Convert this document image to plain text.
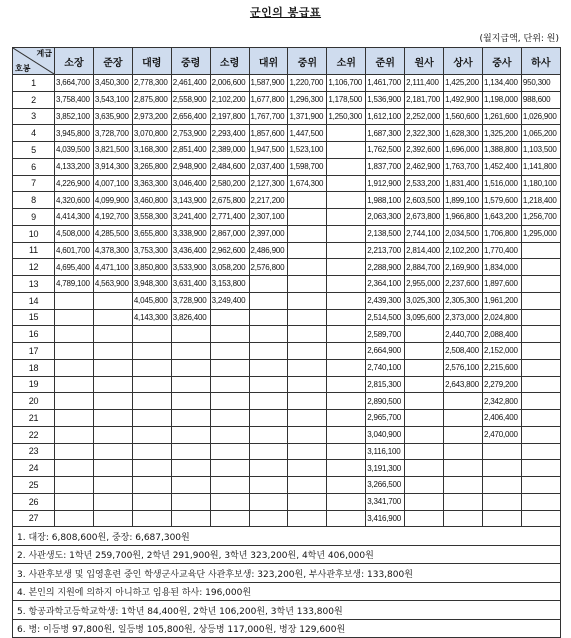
군인의 봉급표
(월지급액, 단위: 원)
계급
호봉	소장	준장	대령	중령	소령	대위	중위	소위	준위	원사	상사	중사	하사
1	3,664,700	3,450,300	2,778,300	2,461,400	2,006,600	1,587,900	1,220,700	1,106,700	1,461,700	2,111,400	1,425,200	1,134,400	950,300
2	3,758,400	3,543,100	2,875,800	2,558,900	2,102,200	1,677,800	1,296,300	1,178,500	1,536,900	2,181,700	1,492,900	1,198,000	988,600
3	3,852,100	3,635,900	2,973,200	2,656,400	2,197,800	1,767,700	1,371,900	1,250,300	1,612,100	2,252,000	1,560,600	1,261,600	1,026,900
4	3,945,800	3,728,700	3,070,800	2,753,900	2,293,400	1,857,600	1,447,500		1,687,300	2,322,300	1,628,300	1,325,200	1,065,200
5	4,039,500	3,821,500	3,168,300	2,851,400	2,389,000	1,947,500	1,523,100		1,762,500	2,392,600	1,696,000	1,388,800	1,103,500
6	4,133,200	3,914,300	3,265,800	2,948,900	2,484,600	2,037,400	1,598,700		1,837,700	2,462,900	1,763,700	1,452,400	1,141,800
7	4,226,900	4,007,100	3,363,300	3,046,400	2,580,200	2,127,300	1,674,300		1,912,900	2,533,200	1,831,400	1,516,000	1,180,100
8	4,320,600	4,099,900	3,460,800	3,143,900	2,675,800	2,217,200			1,988,100	2,603,500	1,899,100	1,579,600	1,218,400
9	4,414,300	4,192,700	3,558,300	3,241,400	2,771,400	2,307,100			2,063,300	2,673,800	1,966,800	1,643,200	1,256,700
10	4,508,000	4,285,500	3,655,800	3,338,900	2,867,000	2,397,000			2,138,500	2,744,100	2,034,500	1,706,800	1,295,000
11	4,601,700	4,378,300	3,753,300	3,436,400	2,962,600	2,486,900			2,213,700	2,814,400	2,102,200	1,770,400	
12	4,695,400	4,471,100	3,850,800	3,533,900	3,058,200	2,576,800			2,288,900	2,884,700	2,169,900	1,834,000	
13	4,789,100	4,563,900	3,948,300	3,631,400	3,153,800				2,364,100	2,955,000	2,237,600	1,897,600	
14			4,045,800	3,728,900	3,249,400				2,439,300	3,025,300	2,305,300	1,961,200	
15			4,143,300	3,826,400					2,514,500	3,095,600	2,373,000	2,024,800	
16									2,589,700		2,440,700	2,088,400	
17									2,664,900		2,508,400	2,152,000	
18									2,740,100		2,576,100	2,215,600	
19									2,815,300		2,643,800	2,279,200	
20									2,890,500			2,342,800	
21									2,965,700			2,406,400	
22									3,040,900			2,470,000	
23									3,116,100				
24									3,191,300				
25									3,266,500				
26									3,341,700				
27									3,416,900				
1. 대장: 6,808,600원, 중장: 6,687,300원													
2. 사관생도: 1학년 259,700원, 2학년 291,900원, 3학년 323,200원, 4학년 406,000원													
3. 사관후보생 및 입영훈련 중인 학생군사교육단 사관후보생: 323,200원, 부사관후보생: 133,800원													
4. 본인의 지원에 의하지 아니하고 임용된 하사: 196,000원													
5. 항공과학고등학교학생: 1학년 84,400원, 2학년 106,200원, 3학년 133,800원													
6. 병: 이등병 97,800원, 일등병 105,800원, 상등병 117,000원, 병장 129,600원													
